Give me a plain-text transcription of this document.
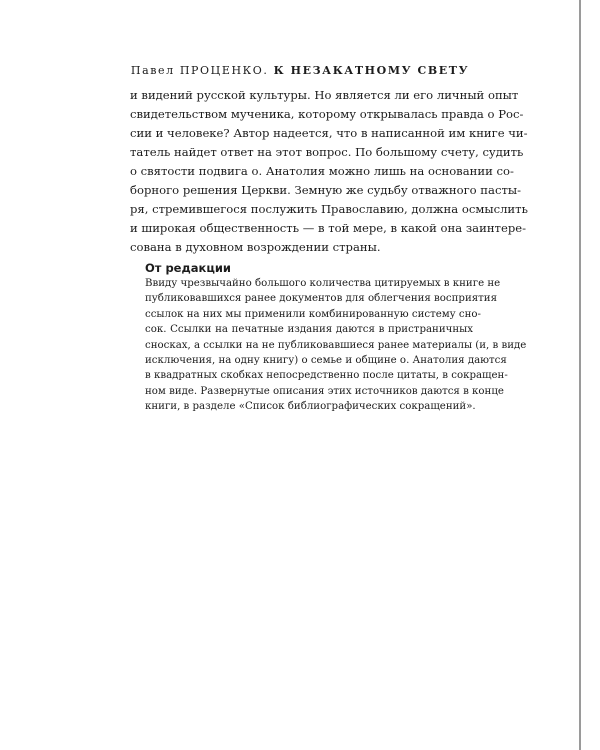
Павел ПРОЦЕНКО. К НЕЗАКАТНОМУ СВЕТУ
и видений русской культуры. Но является ли его личный опыт
свидетельством мученика, которому открывалась правда о Рос-
сии и человеке? Автор надеется, что в написанной им книге чи-
татель найдет ответ на этот вопрос. По большому счету, судить
о святости подвига о. Анатолия можно лишь на основании со-
борного решения Церкви. Земную же судьбу отважного пасты-
ря, стремившегося послужить Православию, должна осмыслить
и широкая общественность — в той мере, в какой она заинтере-
сована в духовном возрождении страны.
От редакции
Ввиду чрезвычайно большого количества цитируемых в книге не
публиковавшихся ранее документов для облегчения восприятия
ссылок на них мы применили комбинированную систему сно-
сок. Ссылки на печатные издания даются в пристраничных
сносках, а ссылки на не публиковавшиеся ранее материалы (и, в виде
исключения, на одну книгу) о семье и общине о. Анатолия даются
в квадратных скобках непосредственно после цитаты, в сокращен-
ном виде. Развернутые описания этих источников даются в конце
книги, в разделе «Список библиографических сокращений».
